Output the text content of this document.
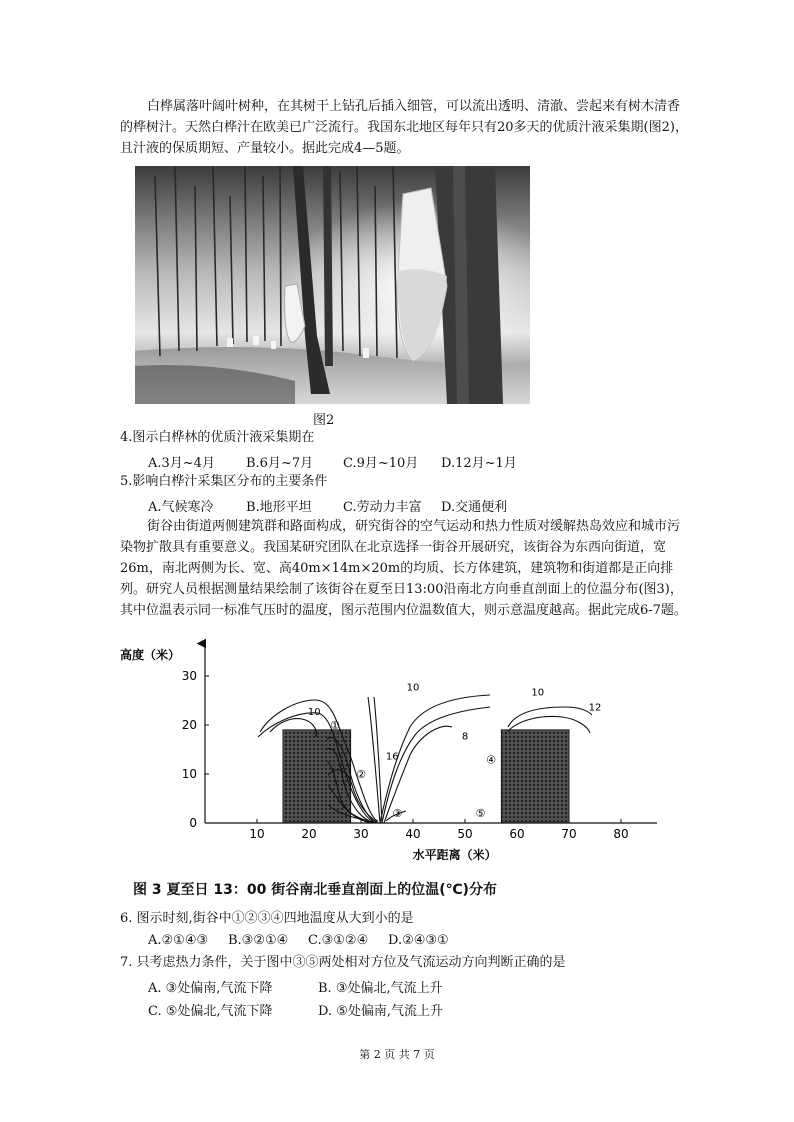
白桦属落叶阔叶树种，在其树干上钻孔后插入细管，可以流出透明、清澈、尝起来有树木清香的桦树汁。天然白桦汁在欧美已广泛流行。我国东北地区每年只有20多天的优质汁液采集期(图2)，且汁液的保质期短、产量较小。据此完成4—5题。

图2

4.图示白桦林的优质汁液采集期在

A.3月~4月 B.6月~7月 C.9月~10月 D.12月~1月

5.影响白桦汁采集区分布的主要条件

A.气候寒冷 B.地形平坦 C.劳动力丰富 D.交通便利

街谷由街道两侧建筑群和路面构成，研究街谷的空气运动和热力性质对缓解热岛效应和城市污染物扩散具有重要意义。我国某研究团队在北京选择一街谷开展研究，该街谷为东西向街道，宽26m，南北两侧为长、宽、高40m×14m×20m的均质、长方体建筑，建筑物和街道都是正向排列。研究人员根据测量结果绘制了该街谷在夏至日13:00沿南北方向垂直剖面上的位温分布(图3)，其中位温表示同一标准气压时的温度，图示范围内位温数值大，则示意温度越高。据此完成6-7题。

10	20	30	40	50	60	70	80
0
10
20
30
高度（米）
水平距离（米）
10
10	10
12
16
8
①
②
③
④
⑤
图 3 夏至日 13：00 街谷南北垂直剖面上的位温(℃)分布

6. 图示时刻,街谷中①②③④四地温度从大到小的是

A.②①④③ B.③②①④ C.③①②④ D.②④③①

7. 只考虑热力条件，关于图中③⑤两处相对方位及气流运动方向判断正确的是

A. ③处偏南,气流下降	B. ③处偏北,气流上升
C. ⑤处偏北,气流下降	D. ⑤处偏南,气流上升
第 2 页 共 7 页
